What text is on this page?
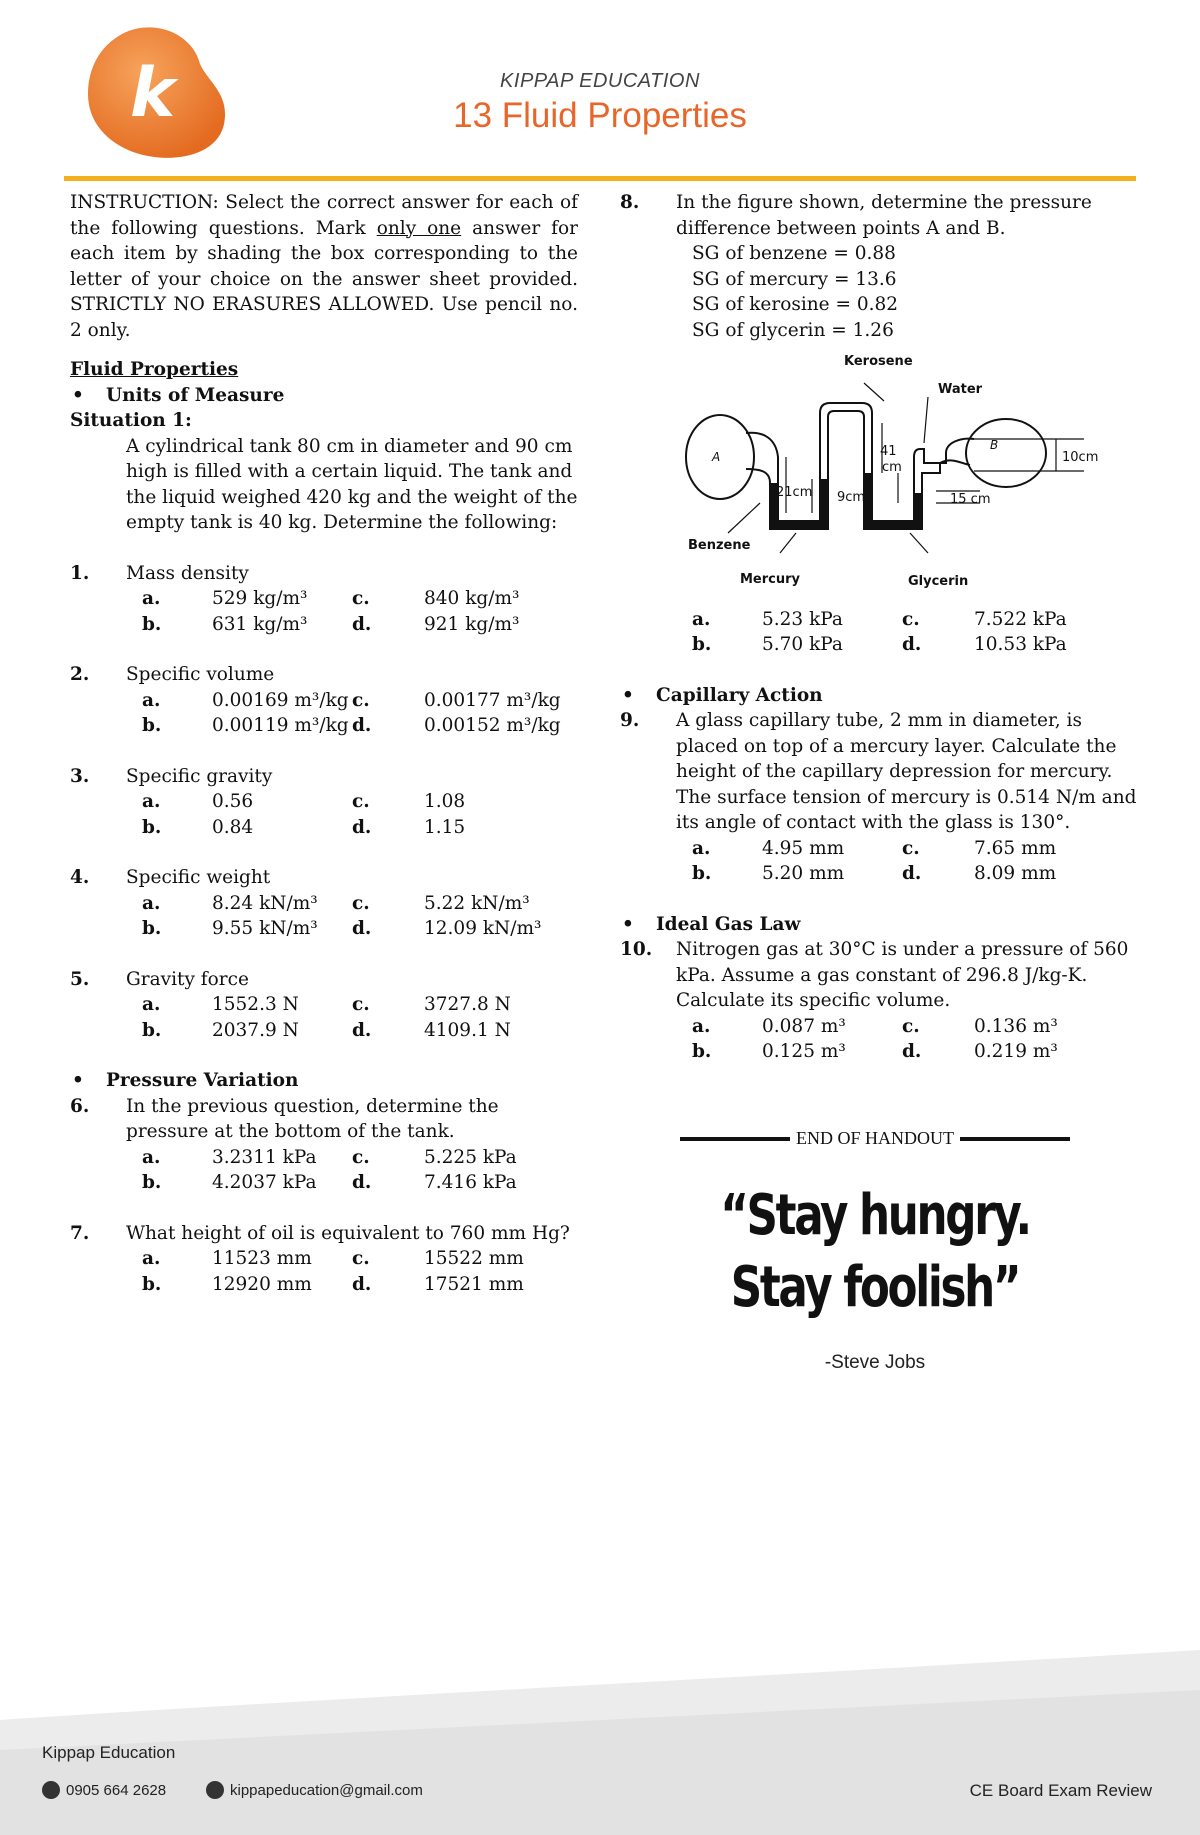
k	KIPPAP EDUCATION
13 Fluid Properties

INSTRUCTION: Select the correct answer for each of the following questions. Mark only one answer for each item by shading the box corresponding to the letter of your choice on the answer sheet provided. STRICTLY NO ERASURES ALLOWED. Use pencil no. 2 only.

Fluid Properties
• Units of Measure
Situation 1:
A cylindrical tank 80 cm in diameter and 90 cm high is filled with a certain liquid. The tank and the liquid weighed 420 kg and the weight of the empty tank is 40 kg. Determine the following:
1. Mass density
a.	529 kg/m³	c.	840 kg/m³
b.	631 kg/m³	d.	921 kg/m³
2. Specific volume
a.	0.00169 m³/kg c.	0.00177 m³/kg
b.	0.00119 m³/kg d.	0.00152 m³/kg
3. Specific gravity
a.	0.56	c.	1.08
b.	0.84	d.	1.15
4. Specific weight
a.	8.24 kN/m³	c.	5.22 kN/m³
b.	9.55 kN/m³	d.	12.09 kN/m³
5. Gravity force
a.	1552.3 N	c.	3727.8 N
b.	2037.9 N	d.	4109.1 N
• Pressure Variation
6. In the previous question, determine the pressure at the bottom of the tank.
a.	3.2311 kPa	c.	5.225 kPa
b.	4.2037 kPa	d.	7.416 kPa
7. What height of oil is equivalent to 760 mm Hg?
a.	11523 mm	c.	15522 mm
b.	12920 mm	d.	17521 mm
8. In the figure shown, determine the pressure difference between points A and B.
SG of benzene = 0.88
SG of mercury = 13.6
SG of kerosine = 0.82
SG of glycerin = 1.26
Kerosene
Water
Benzene
Mercury	Glycerin
A
B
21cm 9cm
41
cm
15 cm
10cm
a.	5.23 kPa	c.	7.522 kPa
b.	5.70 kPa	d.	10.53 kPa
• Capillary Action
9. A glass capillary tube, 2 mm in diameter, is placed on top of a mercury layer. Calculate the height of the capillary depression for mercury. The surface tension of mercury is 0.514 N/m and its angle of contact with the glass is 130°.
a.	4.95 mm	c.	7.65 mm
b.	5.20 mm	d.	8.09 mm
• Ideal Gas Law
10. Nitrogen gas at 30°C is under a pressure of 560 kPa. Assume a gas constant of 296.8 J/kg-K. Calculate its specific volume.
a.	0.087 m³	c.	0.136 m³
b.	0.125 m³	d.	0.219 m³
END OF HANDOUT
“Stay hungry. Stay foolish”
-Steve Jobs
Kippap Education
0905 664 2628	kippapeducation@gmail.com	CE Board Exam Review
